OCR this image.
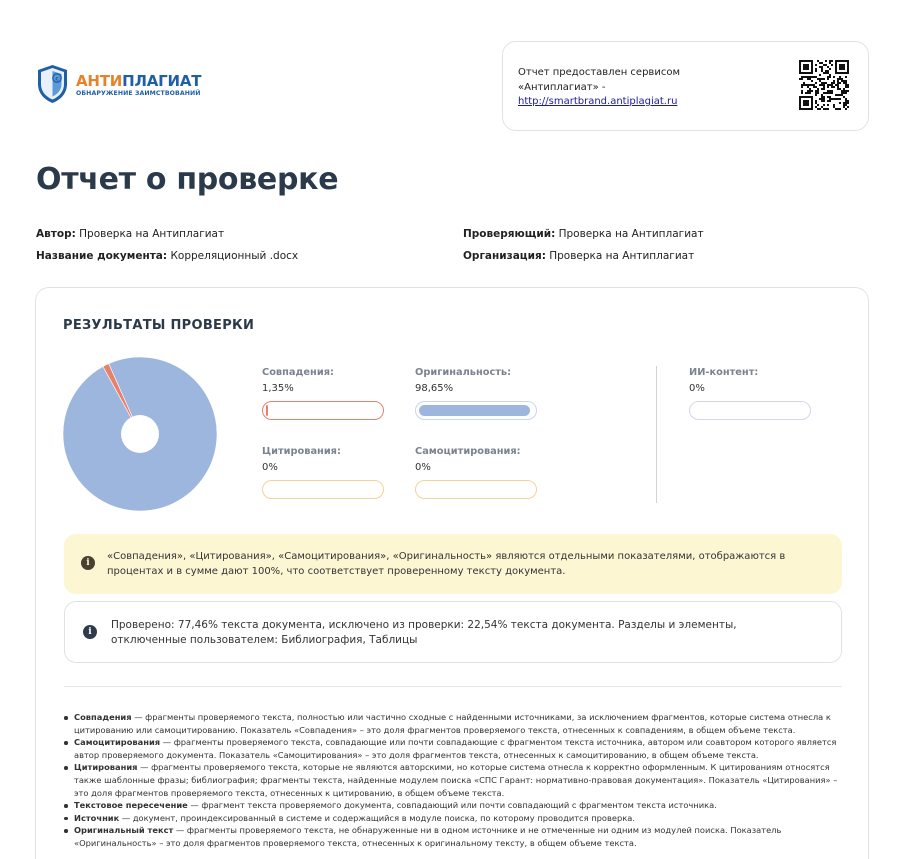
c АНТИПЛАГИАТ
ОБНАРУЖЕНИЕ ЗАИМСТВОВАНИЙ
Отчет предоставлен сервисом
«Антиплагиат» -
http://smartbrand.antiplagiat.ru
Отчет о проверке
Автор: Проверка на Антиплагиат
Название документа: Корреляционный .docx
Проверяющий: Проверка на Антиплагиат
Организация: Проверка на Антиплагиат
РЕЗУЛЬТАТЫ ПРОВЕРКИ
Совпадения:
1,35%
Оригинальность:
98,65%
Цитирования:
0%
Самоцитирования:
0%
ИИ-контент:
0%
i
«Совпадения», «Цитирования», «Самоцитирования», «Оригинальность» являются отдельными показателями, отображаются в процентах и в сумме дают 100%, что соответствует проверенному тексту документа.
i
Проверено: 77,46% текста документа, исключено из проверки: 22,54% текста документа. Разделы и элементы, отключенные пользователем: Библиография, Таблицы
Совпадения — фрагменты проверяемого текста, полностью или частично сходные с найденными источниками, за исключением фрагментов, которые система отнесла к цитированию или самоцитированию. Показатель «Совпадения» – это доля фрагментов проверяемого текста, отнесенных к совпадениям, в общем объеме текста.
Самоцитирования — фрагменты проверяемого текста, совпадающие или почти совпадающие с фрагментом текста источника, автором или соавтором которого является автор проверяемого документа. Показатель «Самоцитирования» – это доля фрагментов текста, отнесенных к самоцитированию, в общем объеме текста.
Цитирования — фрагменты проверяемого текста, которые не являются авторскими, но которые система отнесла к корректно оформленным. К цитированиям относятся также шаблонные фразы; библиография; фрагменты текста, найденные модулем поиска «СПС Гарант: нормативно-правовая документация». Показатель «Цитирования» – это доля фрагментов проверяемого текста, отнесенных к цитированию, в общем объеме текста.
Текстовое пересечение — фрагмент текста проверяемого документа, совпадающий или почти совпадающий с фрагментом текста источника.
Источник — документ, проиндексированный в системе и содержащийся в модуле поиска, по которому проводится проверка.
Оригинальный текст — фрагменты проверяемого текста, не обнаруженные ни в одном источнике и не отмеченные ни одним из модулей поиска. Показатель «Оригинальность» – это доля фрагментов проверяемого текста, отнесенных к оригинальному тексту, в общем объеме текста.
